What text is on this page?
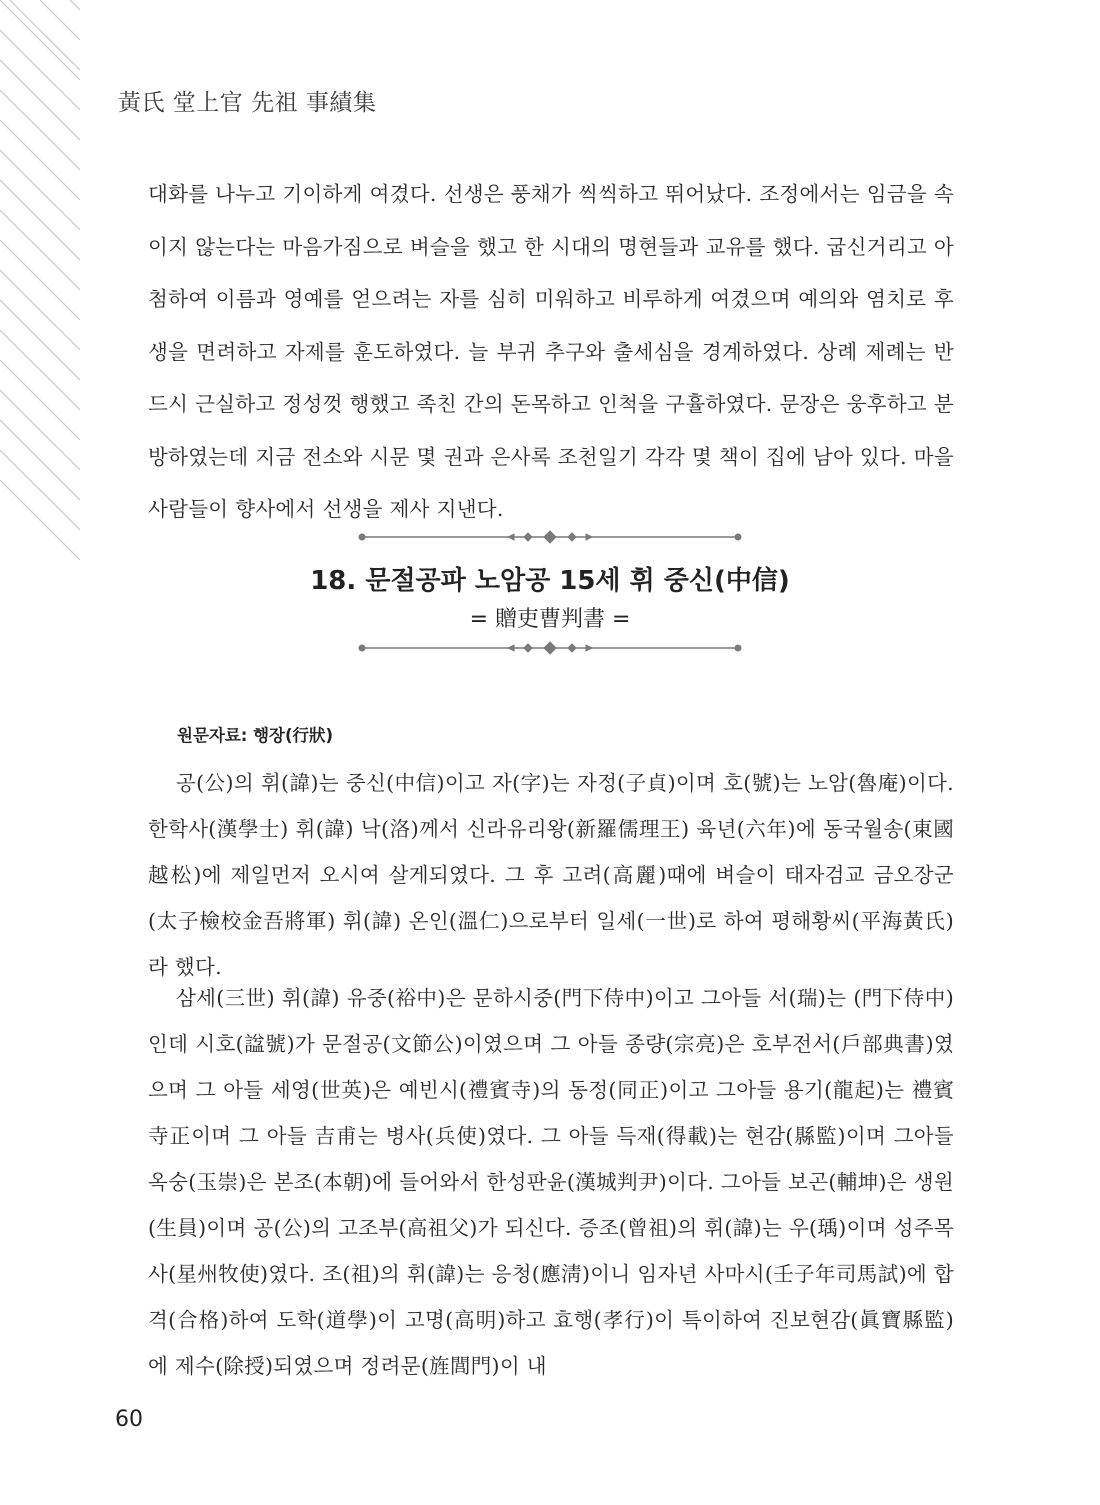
黃氏 堂上官 先祖 事績集

대화를 나누고 기이하게 여겼다. 선생은 풍채가 씩씩하고 뛰어났다. 조정에서는 임금을 속이지 않는다는 마음가짐으로 벼슬을 했고 한 시대의 명현들과 교유를 했다. 굽신거리고 아첨하여 이름과 영예를 얻으려는 자를 심히 미워하고 비루하게 여겼으며 예의와 염치로 후생을 면려하고 자제를 훈도하였다. 늘 부귀 추구와 출세심을 경계하였다. 상례 제례는 반드시 근실하고 정성껏 행했고 족친 간의 돈목하고 인척을 구휼하였다. 문장은 웅후하고 분방하였는데 지금 전소와 시문 몇 권과 은사록 조천일기 각각 몇 책이 집에 남아 있다. 마을 사람들이 향사에서 선생을 제사 지낸다.

18. 문절공파 노암공 15세 휘 중신(中信)
= 贈吏曹判書 =
원문자료: 행장(行狀)

공(公)의 휘(諱)는 중신(中信)이고 자(字)는 자정(子貞)이며 호(號)는 노암(魯庵)이다. 한학사(漢學士) 휘(諱) 낙(洛)께서 신라유리왕(新羅儒理王) 육년(六年)에 동국월송(東國越松)에 제일먼저 오시여 살게되였다. 그 후 고려(高麗)때에 벼슬이 태자검교 금오장군(太子檢校金吾將軍) 휘(諱) 온인(溫仁)으로부터 일세(一世)로 하여 평해황씨(平海黃氏)라 했다.

삼세(三世) 휘(諱) 유중(裕中)은 문하시중(門下侍中)이고 그아들 서(瑞)는 (門下侍中)인데 시호(諡號)가 문절공(文節公)이였으며 그 아들 종량(宗亮)은 호부전서(戶部典書)였으며 그 아들 세영(世英)은 예빈시(禮賓寺)의 동정(同正)이고 그아들 용기(龍起)는 禮賓寺正이며 그 아들 吉甫는 병사(兵使)였다. 그 아들 득재(得載)는 현감(縣監)이며 그아들 옥숭(玉崇)은 본조(本朝)에 들어와서 한성판윤(漢城判尹)이다. 그아들 보곤(輔坤)은 생원(生員)이며 공(公)의 고조부(高祖父)가 되신다. 증조(曾祖)의 휘(諱)는 우(瑀)이며 성주목사(星州牧使)였다. 조(祖)의 휘(諱)는 응청(應淸)이니 임자년 사마시(壬子年司馬試)에 합격(合格)하여 도학(道學)이 고명(高明)하고 효행(孝行)이 특이하여 진보현감(眞寶縣監)에 제수(除授)되였으며 정려문(旌閭門)이 내

60
